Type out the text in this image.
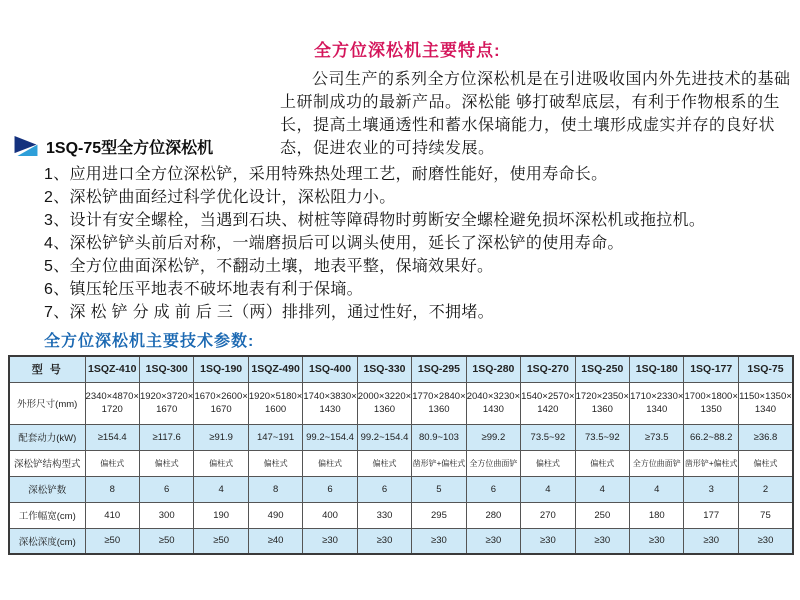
全方位深松机主要特点:

公司生产的系列全方位深松机是在引进吸收国内外先进技术的基础上研制成功的最新产品。深松能 够打破犁底层，有利于作物根系的生长，提高土壤通透性和蓄水保墒能力，使土壤形成虚实并存的良好状态，促进农业的可持续发展。

1SQ-75型全方位深松机
1、应用进口全方位深松铲，采用特殊热处理工艺，耐磨性能好，使用寿命长。
2、深松铲曲面经过科学优化设计，深松阻力小。
3、设计有安全螺栓，当遇到石块、树桩等障碍物时剪断安全螺栓避免损坏深松机或拖拉机。
4、深松铲铲头前后对称，一端磨损后可以调头使用，延长了深松铲的使用寿命。
5、全方位曲面深松铲，不翻动土壤，地表平整，保墒效果好。
6、镇压轮压平地表不破坏地表有利于保墒。
7、深 松 铲 分 成 前 后 三（两）排排列，通过性好，不拥堵。
全方位深松机主要技术参数:
型 号	1SQZ-410	1SQ-300	1SQ-190	1SQZ-490	1SQ-400	1SQ-330	1SQ-295	1SQ-280	1SQ-270	1SQ-250	1SQ-180	1SQ-177	1SQ-75
外形尺寸(mm)	2340×4870×1720	1920×3720×1670	1670×2600×1670	1920×5180×1600	1740×3830×1430	2000×3220×1360	1770×2840×1360	2040×3230×1430	1540×2570×1420	1720×2350×1360	1710×2330×1340	1700×1800×1350	1150×1350×1340
配套动力(kW)	≥154.4	≥117.6	≥91.9	147~191	99.2~154.4	99.2~154.4	80.9~103	≥99.2	73.5~92	73.5~92	≥73.5	66.2~88.2	≥36.8
深松铲结构型式	偏柱式	偏柱式	偏柱式	偏柱式	偏柱式	偏柱式	凿形铲+偏柱式	全方位曲面铲	偏柱式	偏柱式	全方位曲面铲	凿形铲+偏柱式	偏柱式
深松铲数	8	6	4	8	6	6	5	6	4	4	4	3	2
工作幅宽(cm)	410	300	190	490	400	330	295	280	270	250	180	177	75
深松深度(cm)	≥50	≥50	≥50	≥40	≥30	≥30	≥30	≥30	≥30	≥30	≥30	≥30	≥30
